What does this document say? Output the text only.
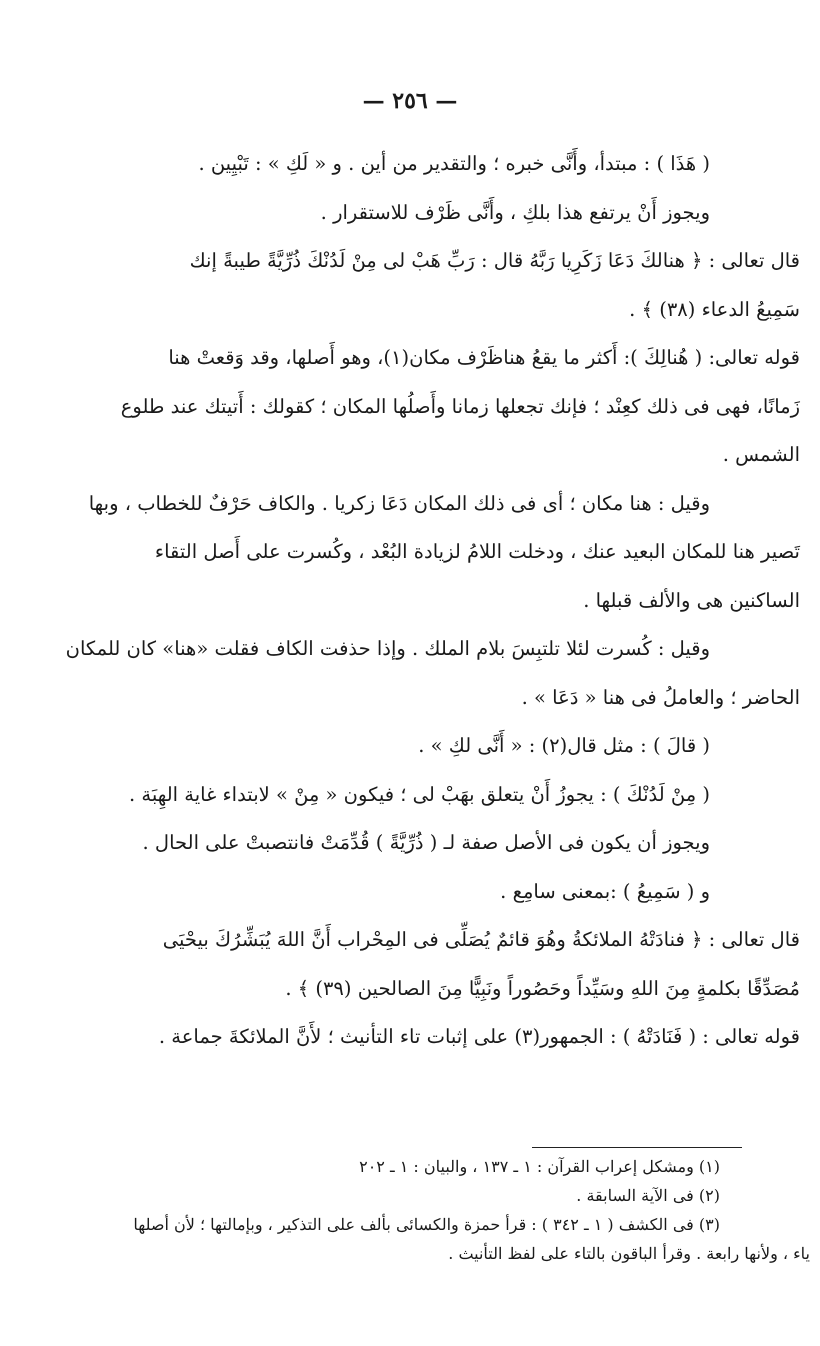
— ٢٥٦ —

( هَذَا ) : مبتدأ، وأَنَّى خبره ؛ والتقدير من أين . و « لَكِ » : تَبْيِين .

ويجوز أَنْ يرتفع هذا بلكِ ، وأَنَّى ظَرْف للاستقرار .

قال تعالى : ﴿ هنالكَ دَعَا زَكَرِيا رَبَّهُ قال : رَبِّ هَبْ لى مِنْ لَدُنْكَ ذُرِّيَّةً طيبةً إنك

سَمِيعُ الدعاء (٣٨) ﴾ .

قوله تعالى: ( هُنالِكَ ): أَكثر ما يقعُ هناظَرْف مكان(١)، وهو أَصلها، وقد وَقعتْ هنا

زَمانًا، فهى فى ذلك كعِنْد ؛ فإنك تجعلها زمانا وأَصلُها المكان ؛ كقولك : أَتيتك عند طلوع

الشمس .

وقيل : هنا مكان ؛ أى فى ذلك المكان دَعَا زكريا . والكاف حَرْفٌ للخطاب ، وبها

تَصير هنا للمكان البعيد عنك ، ودخلت اللامُ لزيادة البُعْد ، وكُسرت على أَصل التقاء

الساكنين هى والألف قبلها .

وقيل : كُسرت لئلا تلتبِسَ بلام الملك . وإذا حذفت الكاف فقلت «هنا» كان للمكان

الحاضر ؛ والعاملُ فى هنا « دَعَا » .

( قالَ ) : مثل قال(٢) : « أَنَّى لكِ » .

( مِنْ لَدُنْكَ ) : يجوزُ أَنْ يتعلق بهَبْ لى ؛ فيكون « مِنْ » لابتداء غاية الهِبَة .

ويجوز أن يكون فى الأصل صفة لـ ( ذُرِّيَّةً ) قُدِّمَتْ فانتصبتْ على الحال .

و ( سَمِيعُ ) :بمعنى سامِع .

قال تعالى : ﴿ فنادَتْهُ الملائكةُ وهُوَ قائمٌ يُصَلِّى فى المِحْراب أَنَّ اللهَ يُبَشِّرُكَ بيحْيَى

مُصَدِّقًا بكلمةٍ مِنَ اللهِ وسَيِّداً وحَصُوراً ونَبِيًّا مِنَ الصالحين (٣٩) ﴾ .

قوله تعالى : ( فَنَادَتْهُ ) : الجمهور(٣) على إثبات تاء التأنيث ؛ لأَنَّ الملائكةَ جماعة .

(١) ومشكل إعراب القرآن : ١ ـ ١٣٧ ، والبيان : ١ ـ ٢٠٢

(٢) فى الآية السابقة .

(٣) فى الكشف ( ١ ـ ٣٤٢ ) : قرأ حمزة والكسائى بألف على التذكير ، وبإمالتها ؛ لأن أصلها

ياء ، ولأنها رابعة . وقرأ الباقون بالتاء على لفظ التأنيث .
